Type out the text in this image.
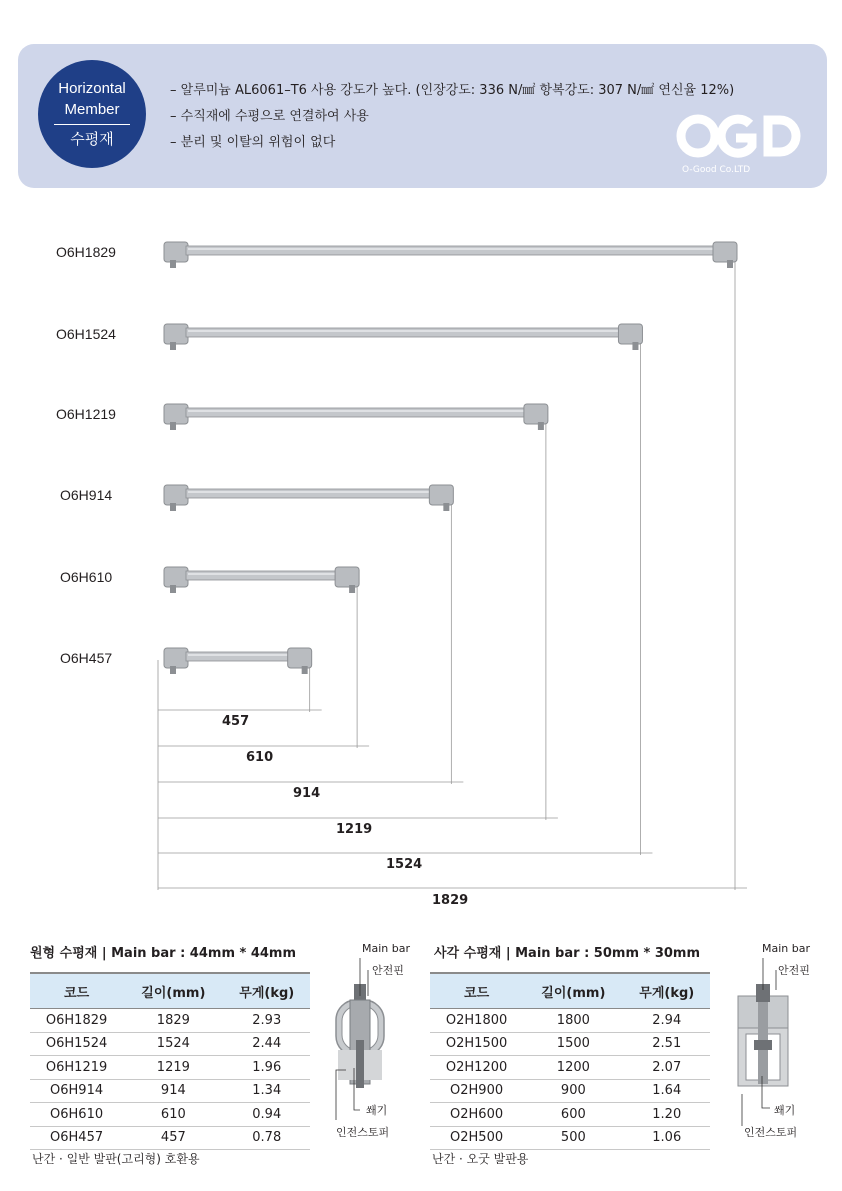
Horizontal
Member
수평재
– 알루미늄 AL6061–T6 사용 강도가 높다. (인장강도: 336 N/㎟ 항복강도: 307 N/㎟ 연신율 12%)
– 수직재에 수평으로 연결하여 사용
– 분리 및 이탈의 위험이 없다
O-Good Co.LTD
O6H1829
O6H1524
O6H1219
O6H914
O6H610
O6H457
457
610
914
1219
1524
1829
원형 수평재 | Main bar : 44mm * 44mm
코드	길이(mm)	무게(kg)
O6H1829	1829	2.93
O6H1524	1524	2.44
O6H1219	1219	1.96
O6H914	914	1.34
O6H610	610	0.94
O6H457	457	0.78
난간 · 일반 발판(고리형) 호환용
Main bar
안전핀
쐐기
인전스토퍼
사각 수평재 | Main bar : 50mm * 30mm
코드	길이(mm)	무게(kg)
O2H1800	1800	2.94
O2H1500	1500	2.51
O2H1200	1200	2.07
O2H900	900	1.64
O2H600	600	1.20
O2H500	500	1.06
난간 · 오굿 발판용
Main bar
안전핀
쐐기
인전스토퍼
